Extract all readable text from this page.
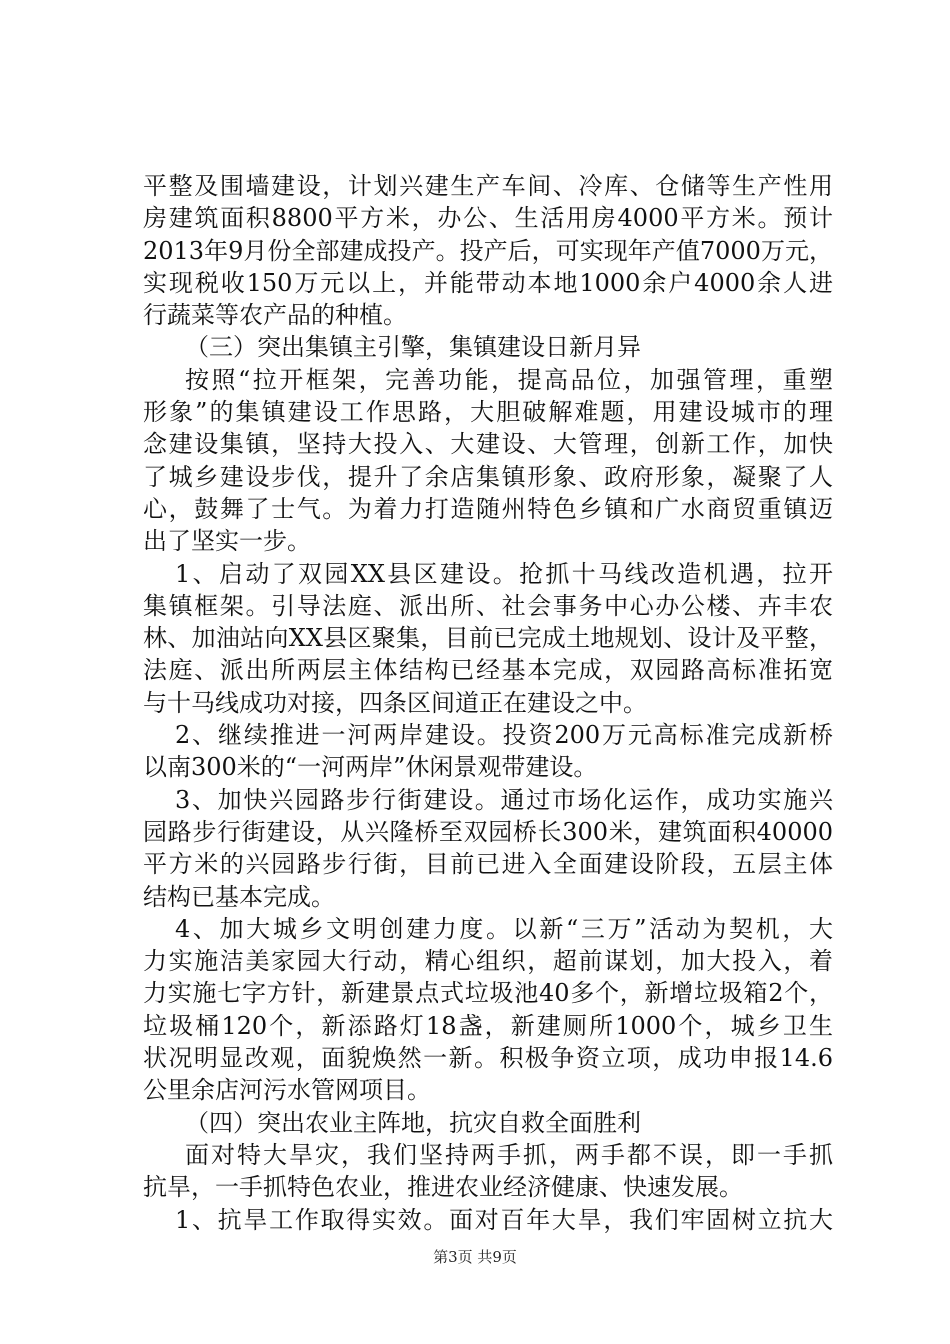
平整及围墙建设，计划兴建生产车间、冷库、仓储等生产性用
房建筑面积8800平方米，办公、生活用房4000平方米。预计
2013年9月份全部建成投产。投产后，可实现年产值7000万元，
实现税收150万元以上，并能带动本地1000余户4000余人进
行蔬菜等农产品的种植。
（三）突出集镇主引擎，集镇建设日新月异
按照“拉开框架，完善功能，提高品位，加强管理，重塑
形象”的集镇建设工作思路，大胆破解难题，用建设城市的理
念建设集镇，坚持大投入、大建设、大管理，创新工作，加快
了城乡建设步伐，提升了余店集镇形象、政府形象，凝聚了人
心，鼓舞了士气。为着力打造随州特色乡镇和广水商贸重镇迈
出了坚实一步。
1、启动了双园XX县区建设。抢抓十马线改造机遇，拉开
集镇框架。引导法庭、派出所、社会事务中心办公楼、卉丰农
林、加油站向XX县区聚集，目前已完成土地规划、设计及平整，
法庭、派出所两层主体结构已经基本完成，双园路高标准拓宽
与十马线成功对接，四条区间道正在建设之中。
2、继续推进一河两岸建设。投资200万元高标准完成新桥
以南300米的“一河两岸”休闲景观带建设。
3、加快兴园路步行街建设。通过市场化运作，成功实施兴
园路步行街建设，从兴隆桥至双园桥长300米，建筑面积40000
平方米的兴园路步行街，目前已进入全面建设阶段，五层主体
结构已基本完成。
4、加大城乡文明创建力度。以新“三万”活动为契机，大
力实施洁美家园大行动，精心组织，超前谋划，加大投入，着
力实施七字方针，新建景点式垃圾池40多个，新增垃圾箱2个，
垃圾桶120个，新添路灯18盏，新建厕所1000个，城乡卫生
状况明显改观，面貌焕然一新。积极争资立项，成功申报14.6
公里余店河污水管网项目。
（四）突出农业主阵地，抗灾自救全面胜利
面对特大旱灾，我们坚持两手抓，两手都不误，即一手抓
抗旱，一手抓特色农业，推进农业经济健康、快速发展。
1、抗旱工作取得实效。面对百年大旱，我们牢固树立抗大
第3页 共9页
